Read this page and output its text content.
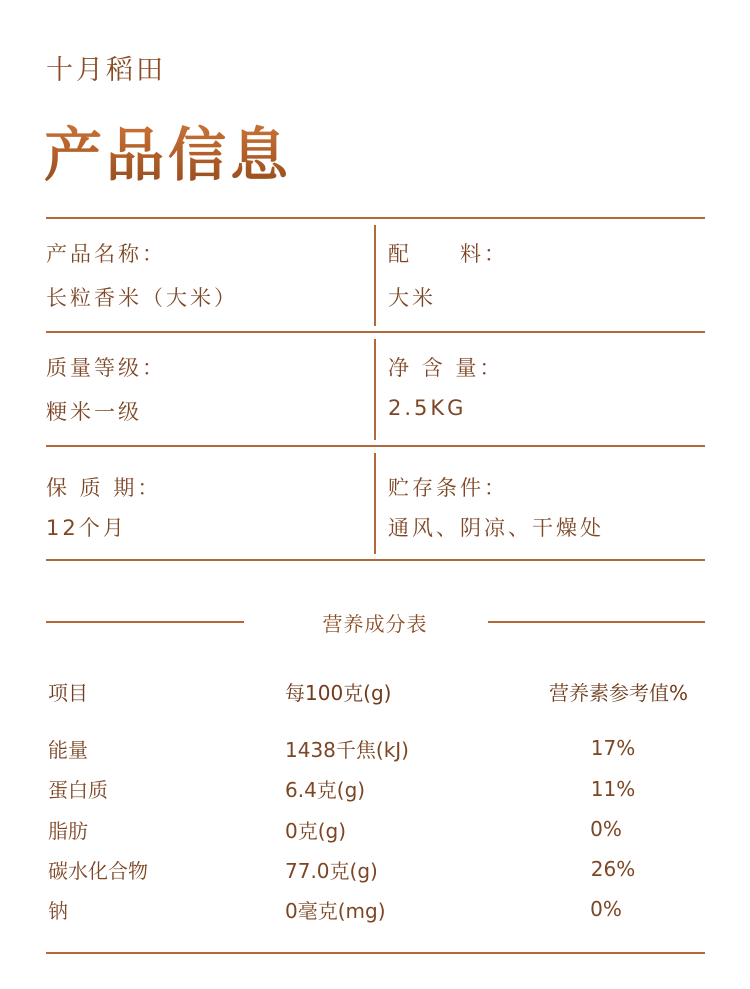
十月稻田
产品信息
产品名称：
长粒香米（大米）
配　　料：
大米
质量等级：
粳米一级
净 含 量：
2.5KG
保 质 期：
12个月
贮存条件：
通风、阴凉、干燥处
营养成分表
项目	每100克(g)	营养素参考值%
能量	1438千焦(kJ)	17%
蛋白质	6.4克(g)	11%
脂肪	0克(g)	0%
碳水化合物	77.0克(g)	26%
钠	0毫克(mg)	0%
